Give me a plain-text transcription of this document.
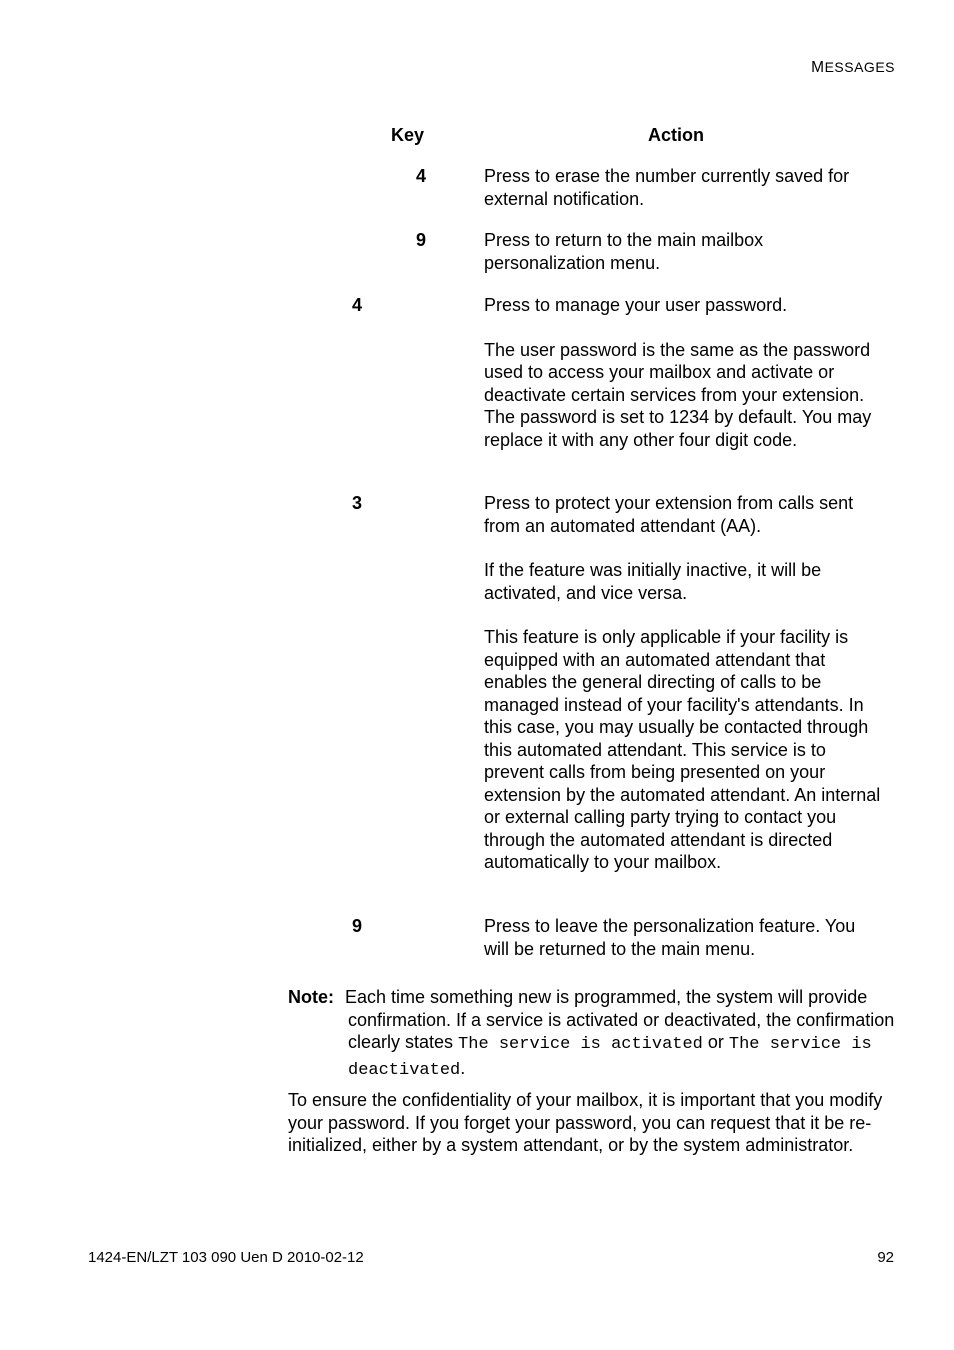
MESSAGES
Key	Action
4	Press to erase the number currently saved for external notification.

9	Press to return to the main mailbox personalization menu.

4	Press to manage your user password.

The user password is the same as the password used to access your mailbox and activate or deactivate certain services from your extension. The password is set to 1234 by default. You may replace it with any other four digit code.

3	Press to protect your extension from calls sent from an automated attendant (AA).

If the feature was initially inactive, it will be activated, and vice versa.

This feature is only applicable if your facility is equipped with an automated attendant that enables the general directing of calls to be managed instead of your facility's attendants. In this case, you may usually be contacted through this automated attendant. This service is to prevent calls from being presented on your extension by the automated attendant. An internal or external calling party trying to contact you through the automated attendant is directed automatically to your mailbox.

9	Press to leave the personalization feature. You will be returned to the main menu.

Note: Each time something new is programmed, the system will provide confirmation. If a service is activated or deactivated, the confirmation clearly states The service is activated or The service is deactivated.
To ensure the confidentiality of your mailbox, it is important that you modify your password. If you forget your password, you can request that it be re-initialized, either by a system attendant, or by the system administrator.
1424-EN/LZT 103 090 Uen D 2010-02-12	92
